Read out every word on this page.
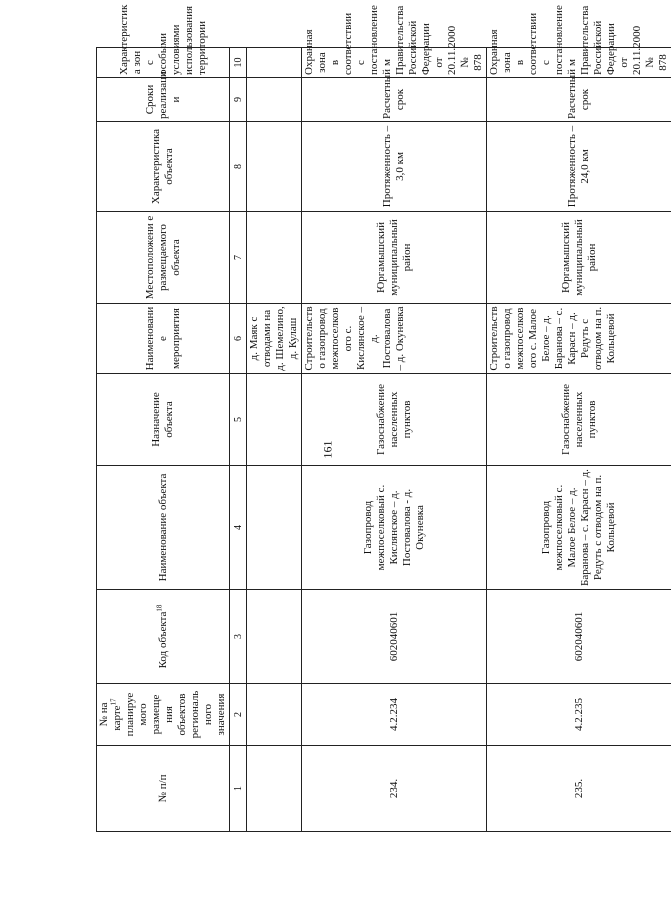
161
№ п/п	№ на карте$^{17}$ планируе мого размеще ния объектов региональ ного значения	Код объекта$^{18}$	Наименование объекта	Назначение объекта	Наименовани е мероприятия	Местоположени е размещаемого объекта	Характеристика объекта	Сроки реализаци и	Характеристик а зон с особыми условиями использования территории
1	2	3	4	5	6	7	8	9	10
					д. Маяк с отводами на д. Шемелино, д. Кулаш				
234.	4.2.234	602040601	Газопровод межпоселковый с. Кислянское – д. Постовалова - д. Окуневка	Газоснабжение населенных пунктов	Строительств о газопровод межпоселков ого с. Кислянское – д. Постовалова – д. Окуневка	Юргамышский муниципальный район	Протяженность – 3,0 км	Расчетный срок	Охранная зона в соответствии с постановление м Правительства Российской Федерации от 20.11.2000 № 878
235.	4.2.235	602040601	Газопровод межпоселковый с. Малое Белое – д. Баранова – с. Карасн – д. Редуть с отводом на п. Кольцевой	Газоснабжение населенных пунктов	Строительств о газопровод межпоселков ого с. Малое Белое – д. Баранова – с. Карасн – д. Редуть с отводом на п. Кольцевой	Юргамышский муниципальный район	Протяженность – 24,0 км	Расчетный срок	Охранная зона в соответствии с постановление м Правительства Российской Федерации от 20.11.2000 № 878
